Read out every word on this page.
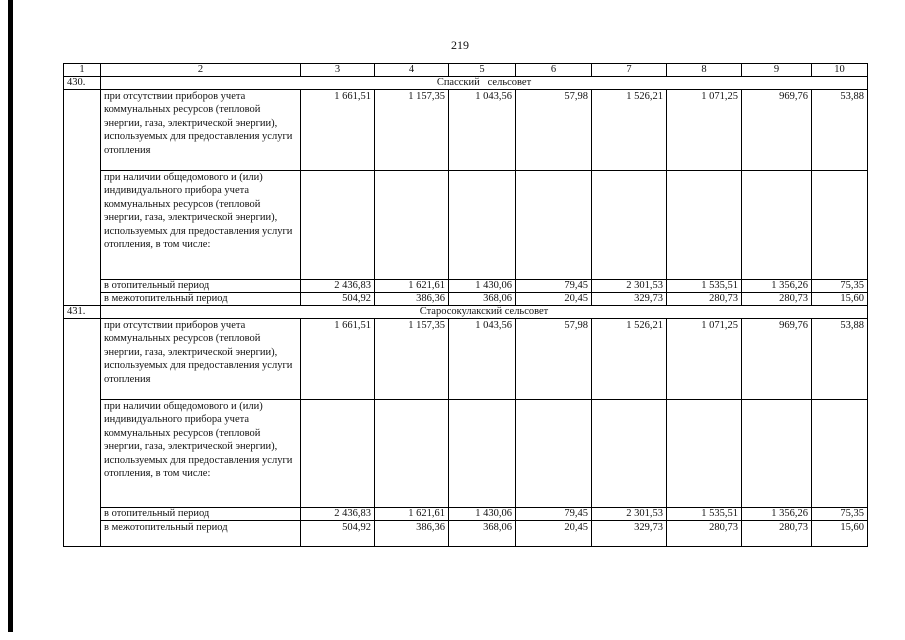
219
1	2	3	4	5	6	7	8	9	10
430.	Спасский   сельсовет								
	при отсутствии приборов учета коммунальных ресурсов (тепловой энергии, газа, электрической энергии), используемых для предоставления услуги отопления	1 661,51	1 157,35	1 043,56	57,98	1 526,21	1 071,25	969,76	53,88
	при наличии общедомового и (или) индивидуального прибора учета коммунальных ресурсов (тепловой энергии, газа, электрической энергии), используемых для предоставления услуги отопления, в том числе:								
	в отопительный период	2 436,83	1 621,61	1 430,06	79,45	2 301,53	1 535,51	1 356,26	75,35
	в межотопительный период	504,92	386,36	368,06	20,45	329,73	280,73	280,73	15,60
431.	Старосокулакский сельсовет								
	при отсутствии приборов учета коммунальных ресурсов (тепловой энергии, газа, электрической энергии), используемых для предоставления услуги отопления	1 661,51	1 157,35	1 043,56	57,98	1 526,21	1 071,25	969,76	53,88
	при наличии общедомового и (или) индивидуального прибора учета коммунальных ресурсов (тепловой энергии, газа, электрической энергии), используемых для предоставления услуги отопления, в том числе:								
	в отопительный период	2 436,83	1 621,61	1 430,06	79,45	2 301,53	1 535,51	1 356,26	75,35
	в межотопительный период	504,92	386,36	368,06	20,45	329,73	280,73	280,73	15,60
